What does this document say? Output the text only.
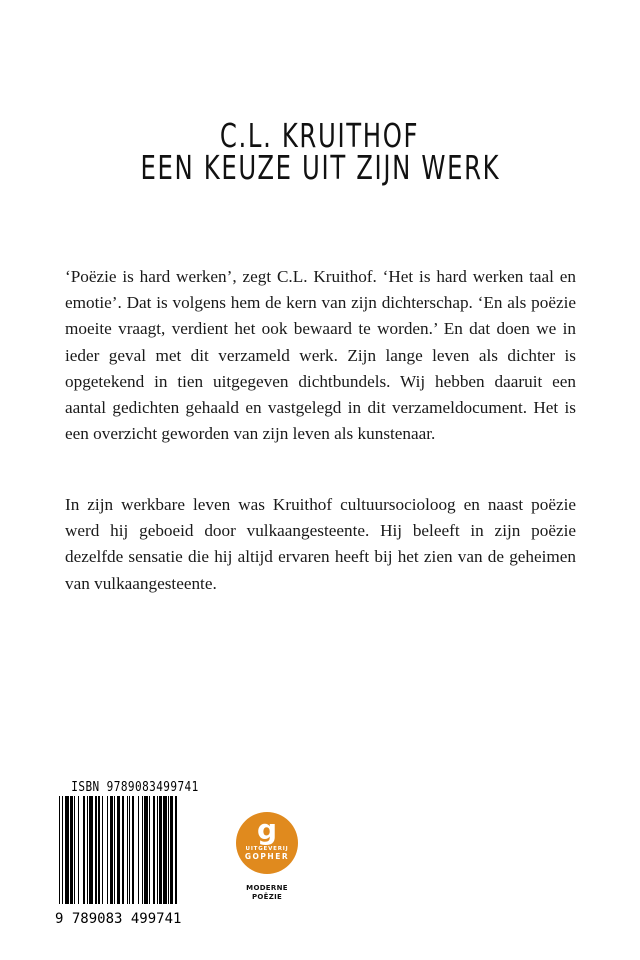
C.L. KRUITHOF
EEN KEUZE UIT ZIJN WERK

‘Poëzie is hard werken’, zegt C.L. Kruithof. ‘Het is hard werken taal en emotie’. Dat is volgens hem de kern van zijn dichterschap. ‘En als poëzie moeite vraagt, verdient het ook bewaard te worden.’ En dat doen we in ieder geval met dit verzameld werk. Zijn lange leven als dichter is opgetekend in tien uitgegeven dichtbundels. Wij hebben daaruit een aantal gedichten gehaald en vastgelegd in dit verzameldocument. Het is een overzicht geworden van zijn leven als kunstenaar.

In zijn werkbare leven was Kruithof cultuursocioloog en naast poëzie werd hij geboeid door vulkaangesteente. Hij beleeft in zijn poëzie dezelfde sensatie die hij altijd ervaren heeft bij het zien van de geheimen van vulkaangesteente.

ISBN 9789083499741
9 789083 499741
g
UITGEVERIJ
GOPHER
MODERNE
POËZIE
